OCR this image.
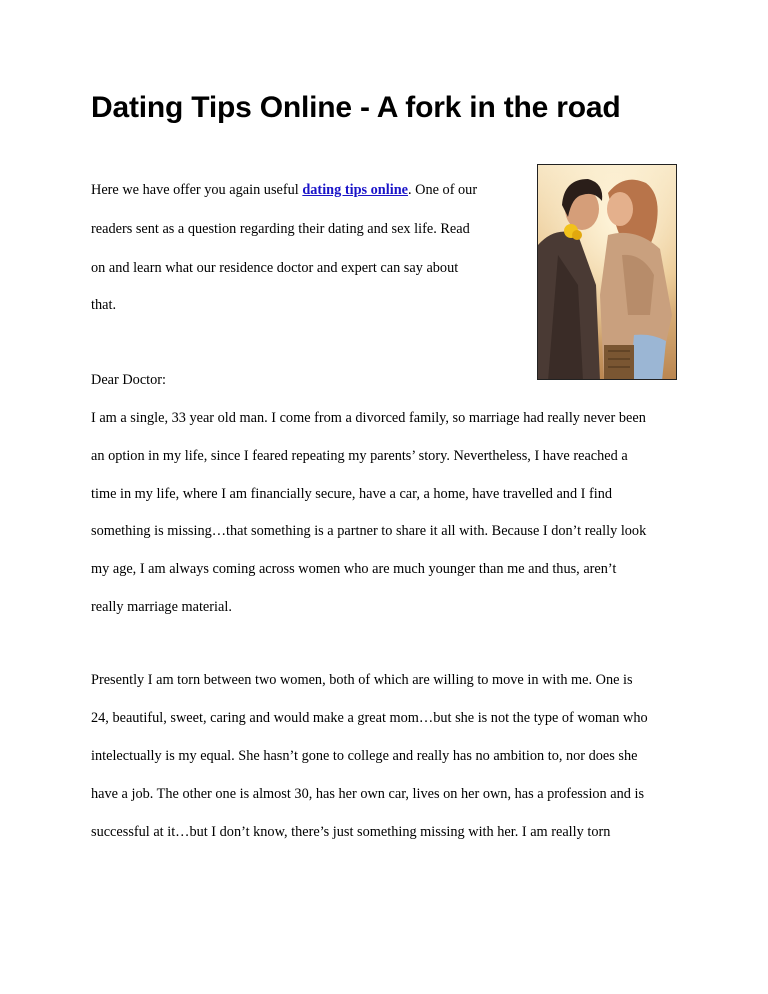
Dating Tips Online - A fork in the road

Here we have offer you again useful dating tips online. One of our

readers sent as a question regarding their dating and sex life. Read

on and learn what our residence doctor and expert can say about

that.

Dear Doctor:

I am a single, 33 year old man. I come from a divorced family, so marriage had really never been

an option in my life, since I feared repeating my parents’ story. Nevertheless, I have reached a

time in my life, where I am financially secure, have a car, a home, have travelled and I find

something is missing…that something is a partner to share it all with. Because I don’t really look

my age, I am always coming across women who are much younger than me and thus, aren’t

really marriage material.

Presently I am torn between two women, both of which are willing to move in with me. One is

24, beautiful, sweet, caring and would make a great mom…but she is not the type of woman who

intelectually is my equal. She hasn’t gone to college and really has no ambition to, nor does she

have a job. The other one is almost 30, has her own car, lives on her own, has a profession and is

successful at it…but I don’t know, there’s just something missing with her. I am really torn
